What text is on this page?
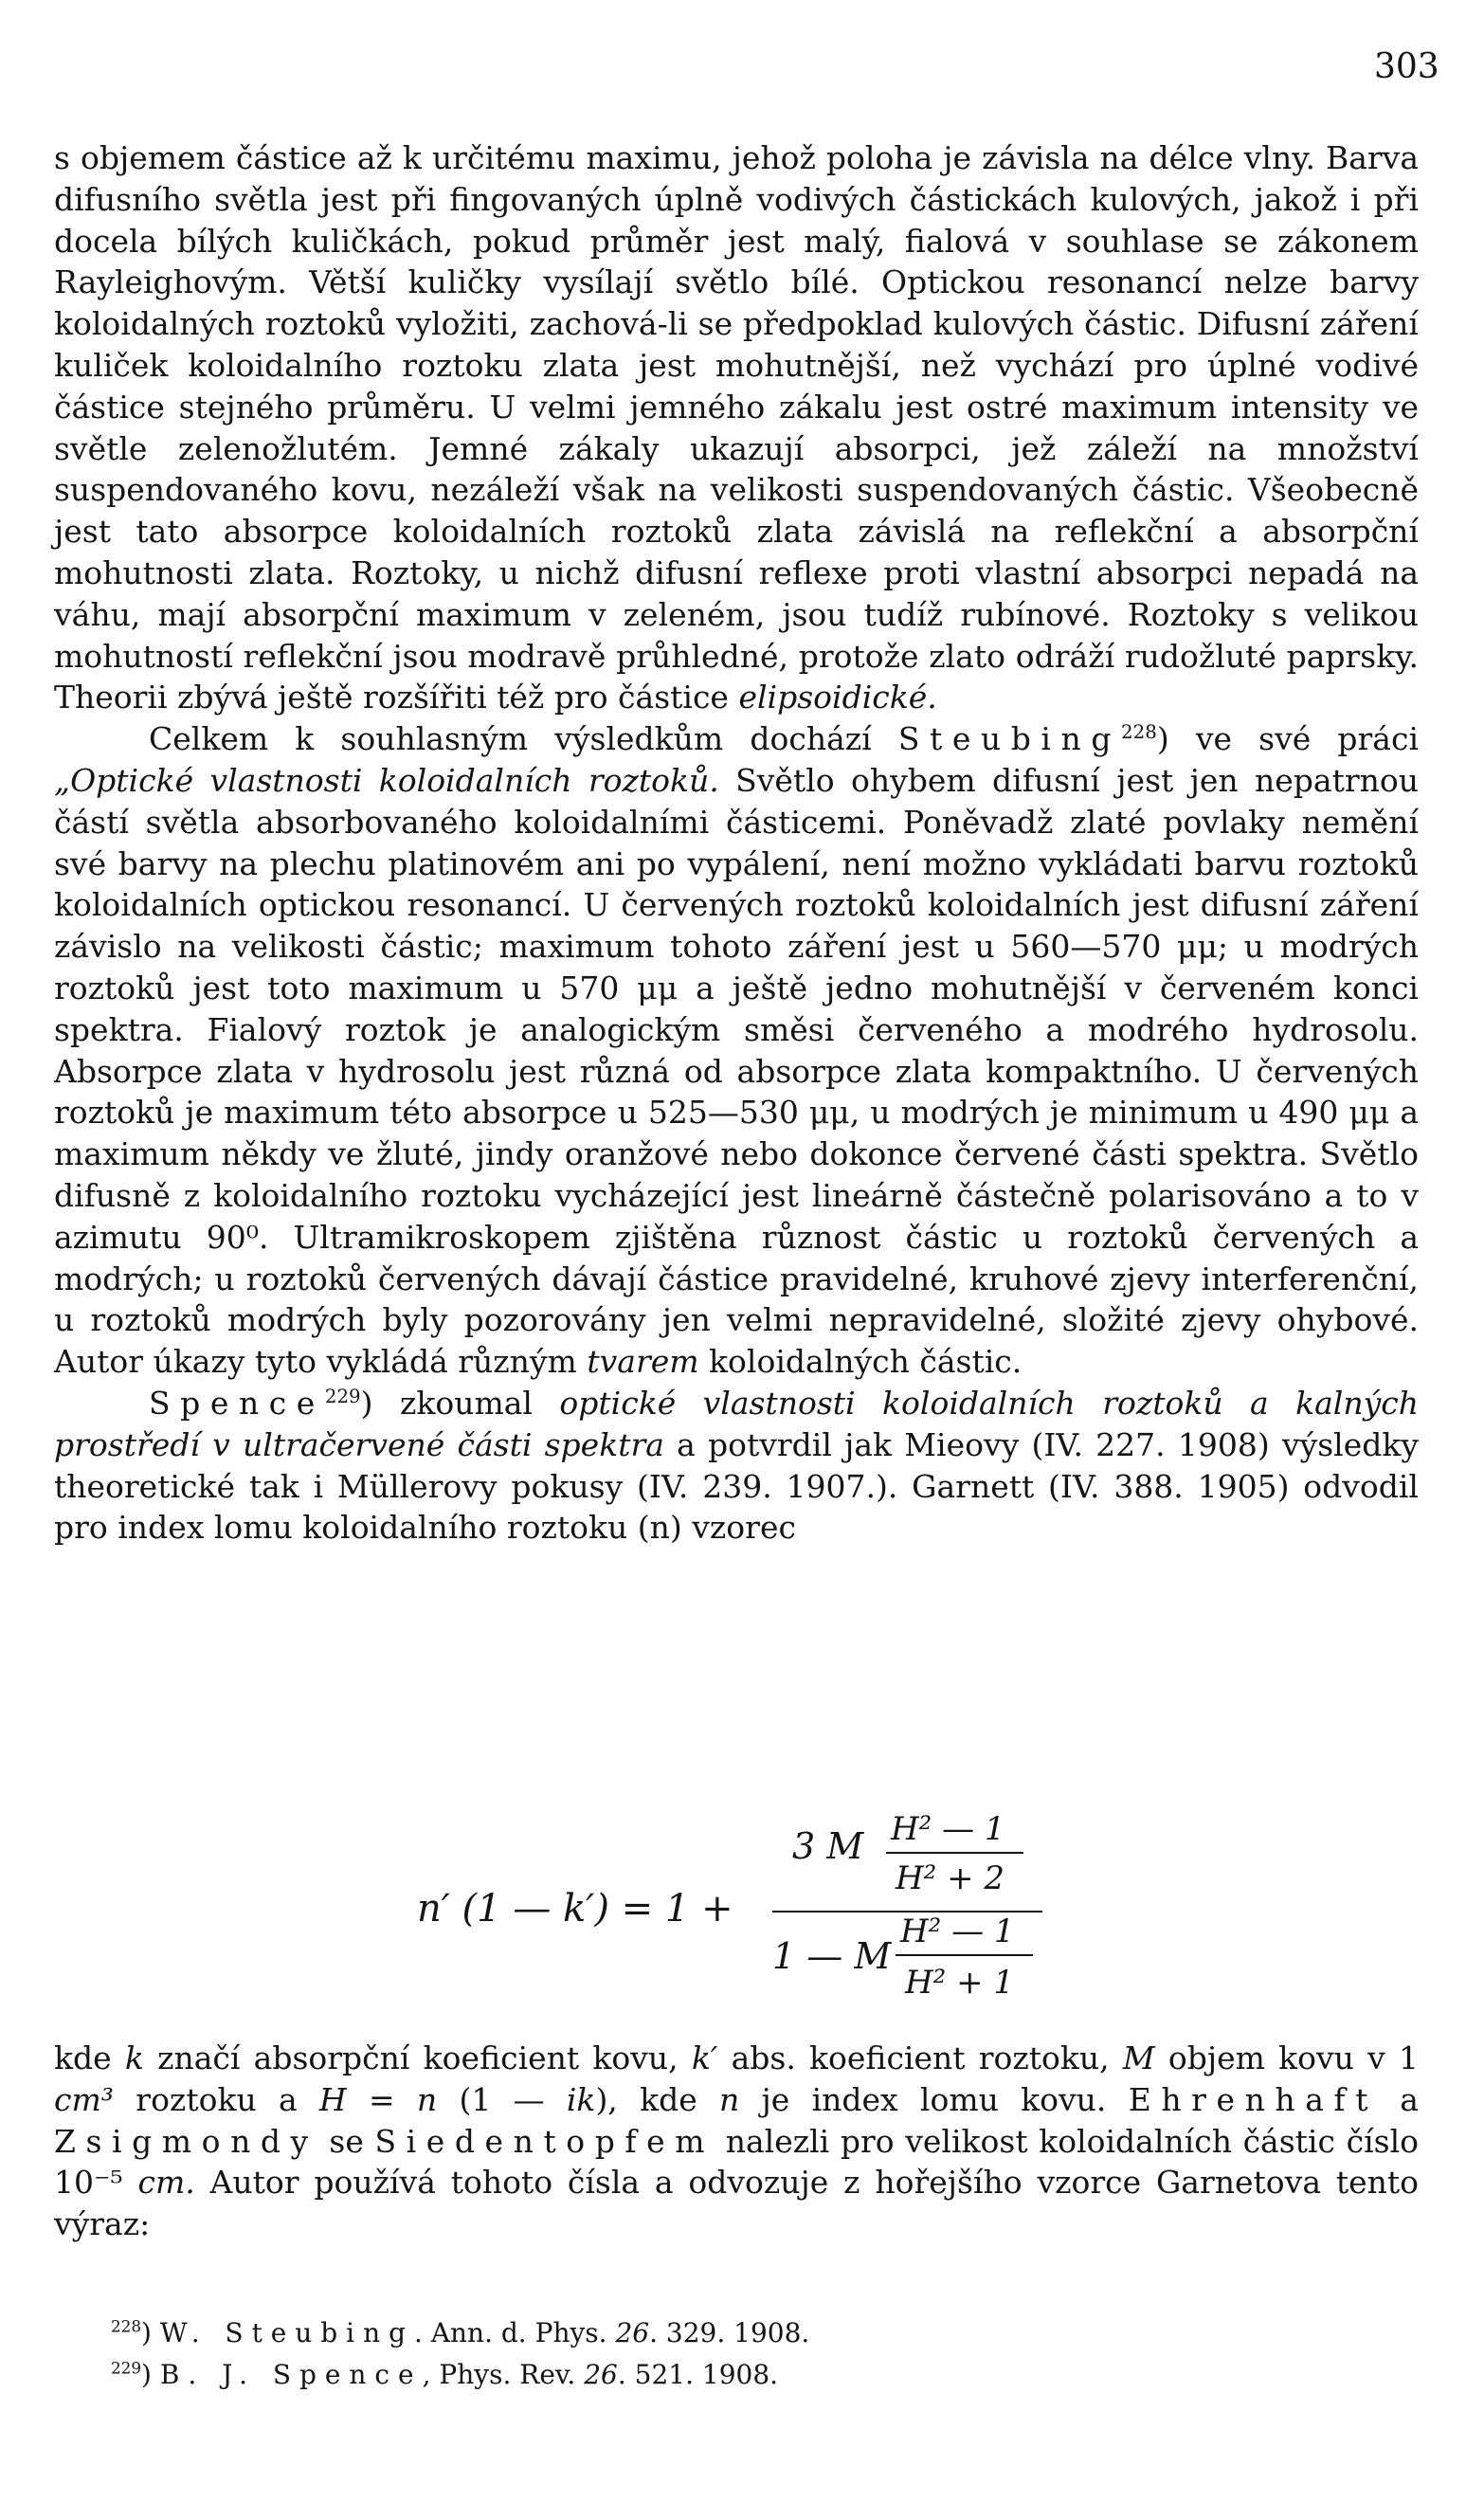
303

s objemem částice až k určitému maximu, jehož poloha je závisla na délce vlny. Barva difusního světla jest při fingovaných úplně vodivých částickách kulových, jakož i při docela bílých kuličkách, pokud průměr jest malý, fialová v souhlase se zákonem Rayleighovým. Větší kuličky vysílají světlo bílé. Optickou resonancí nelze barvy koloidalných roztoků vyložiti, zachová-li se předpoklad kulových částic. Difusní záření kuliček koloidalního roztoku zlata jest mohutnější, než vychází pro úplné vodivé částice stejného průměru. U velmi jemného zákalu jest ostré maximum intensity ve světle zelenožlutém. Jemné zákaly ukazují absorpci, jež záleží na množství suspendovaného kovu, nezáleží však na velikosti suspendovaných částic. Všeobecně jest tato absorpce koloidalních roztoků zlata závislá na reflekční a absorpční mohutnosti zlata. Roztoky, u nichž difusní reflexe proti vlastní absorpci nepadá na váhu, mají absorpční maximum v zeleném, jsou tudíž rubínové. Roztoky s velikou mohutností reflekční jsou modravě průhledné, protože zlato odráží rudožluté paprsky. Theorii zbývá ještě rozšířiti též pro částice elipsoidické.

Celkem k souhlasným výsledkům dochází Steubing$^{228}$) ve své práci „Optické vlastnosti koloidalních roztoků. Světlo ohybem difusní jest jen nepatrnou částí světla absorbovaného koloidalními částicemi. Poněvadž zlaté povlaky nemění své barvy na plechu platinovém ani po vypálení, není možno vykládati barvu roztoků koloidalních optickou resonancí. U červených roztoků koloidalních jest difusní záření závislo na velikosti částic; maximum tohoto záření jest u 560—570 μμ; u modrých roztoků jest toto maximum u 570 μμ a ještě jedno mohutnější v červeném konci spektra. Fialový roztok je analogickým směsi červeného a modrého hydrosolu. Absorpce zlata v hydrosolu jest různá od absorpce zlata kompaktního. U červených roztoků je maximum této absorpce u 525—530 μμ, u modrých je minimum u 490 μμ a maximum někdy ve žluté, jindy oranžové nebo dokonce červené části spektra. Světlo difusně z koloidalního roztoku vycházející jest lineárně částečně polarisováno a to v azimutu 90⁰. Ultramikroskopem zjištěna různost částic u roztoků červených a modrých; u roztoků červených dávají částice pravidelné, kruhové zjevy interferenční, u roztoků modrých byly pozorovány jen velmi nepravidelné, složité zjevy ohybové. Autor úkazy tyto vykládá různým tvarem koloidalných částic.

Spence$^{229}$) zkoumal optické vlastnosti koloidalních roztoků a kalných prostředí v ultračervené části spektra a potvrdil jak Mieovy (IV. 227. 1908) výsledky theoretické tak i Müllerovy pokusy (IV. 239. 1907.). Garnett (IV. 388. 1905) odvodil pro index lomu koloidalního roztoku (n) vzorec

n′ (1 — k′) = 1 +
3 M H² — 1
H² + 2
1 — M
H² — 1
H² + 1

kde k značí absorpční koeficient kovu, k′ abs. koeficient roztoku, M objem kovu v 1 cm³ roztoku a H = n (1 — ik), kde n je index lomu kovu. Ehrenhaft a Zsigmondy se Siedentopfem nalezli pro velikost koloidalních částic číslo 10⁻⁵ cm. Autor používá tohoto čísla a odvozuje z hořejšího vzorce Garnetova tento výraz:

$^{228}$) W. Steubing. Ann. d. Phys. 26. 329. 1908.
$^{229}$) B. J. Spence, Phys. Rev. 26. 521. 1908.
